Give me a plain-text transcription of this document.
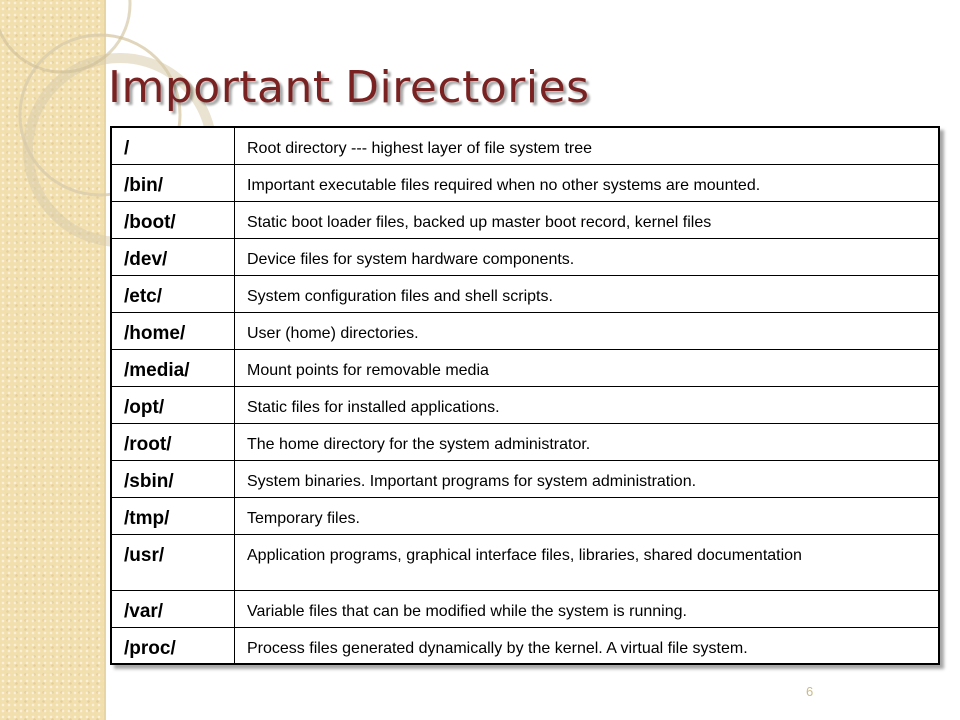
Important Directories
/	Root directory --- highest layer of file system tree
/bin/	Important executable files required when no other systems are mounted.
/boot/	Static boot loader files, backed up master boot record, kernel files
/dev/	Device files for system hardware components.
/etc/	System configuration files and shell scripts.
/home/	User (home) directories.
/media/	Mount points for removable media
/opt/	Static files for installed applications.
/root/	The home directory for the system administrator.
/sbin/	System binaries. Important programs for system administration.
/tmp/	Temporary files.
/usr/	Application programs, graphical interface files, libraries, shared documentation
/var/	Variable files that can be modified while the system is running.
/proc/	Process files generated dynamically by the kernel. A virtual file system.
6
